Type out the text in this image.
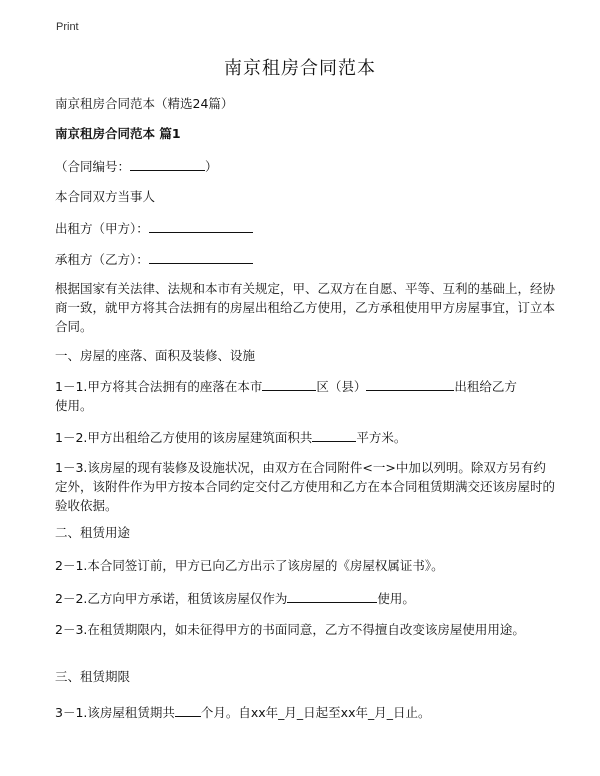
Print
南京租房合同范本
南京租房合同范本（精选24篇）
南京租房合同范本 篇1
（合同编号：	）
本合同双方当事人
出租方（甲方）：
承租方（乙方）：
根据国家有关法律、法规和本市有关规定，甲、乙双方在自愿、平等、互利的基础上，经协商一致，就甲方将其合法拥有的房屋出租给乙方使用，乙方承租使用甲方房屋事宜，订立本合同。
一、房屋的座落、面积及装修、设施
1－1.甲方将其合法拥有的座落在本市	区（县）	出租给乙方
使用。
1－2.甲方出租给乙方使用的该房屋建筑面积共	平方米。
1－3.该房屋的现有装修及设施状况，由双方在合同附件<一>中加以列明。除双方另有约定外，该附件作为甲方按本合同约定交付乙方使用和乙方在本合同租赁期满交还该房屋时的验收依据。
二、租赁用途
2－1.本合同签订前，甲方已向乙方出示了该房屋的《房屋权属证书》。
2－2.乙方向甲方承诺，租赁该房屋仅作为	使用。
2－3.在租赁期限内，如未征得甲方的书面同意，乙方不得擅自改变该房屋使用用途。
三、租赁期限
3－1.该房屋租赁期共 个月。自xx年_月_日起至xx年_月_日止。
